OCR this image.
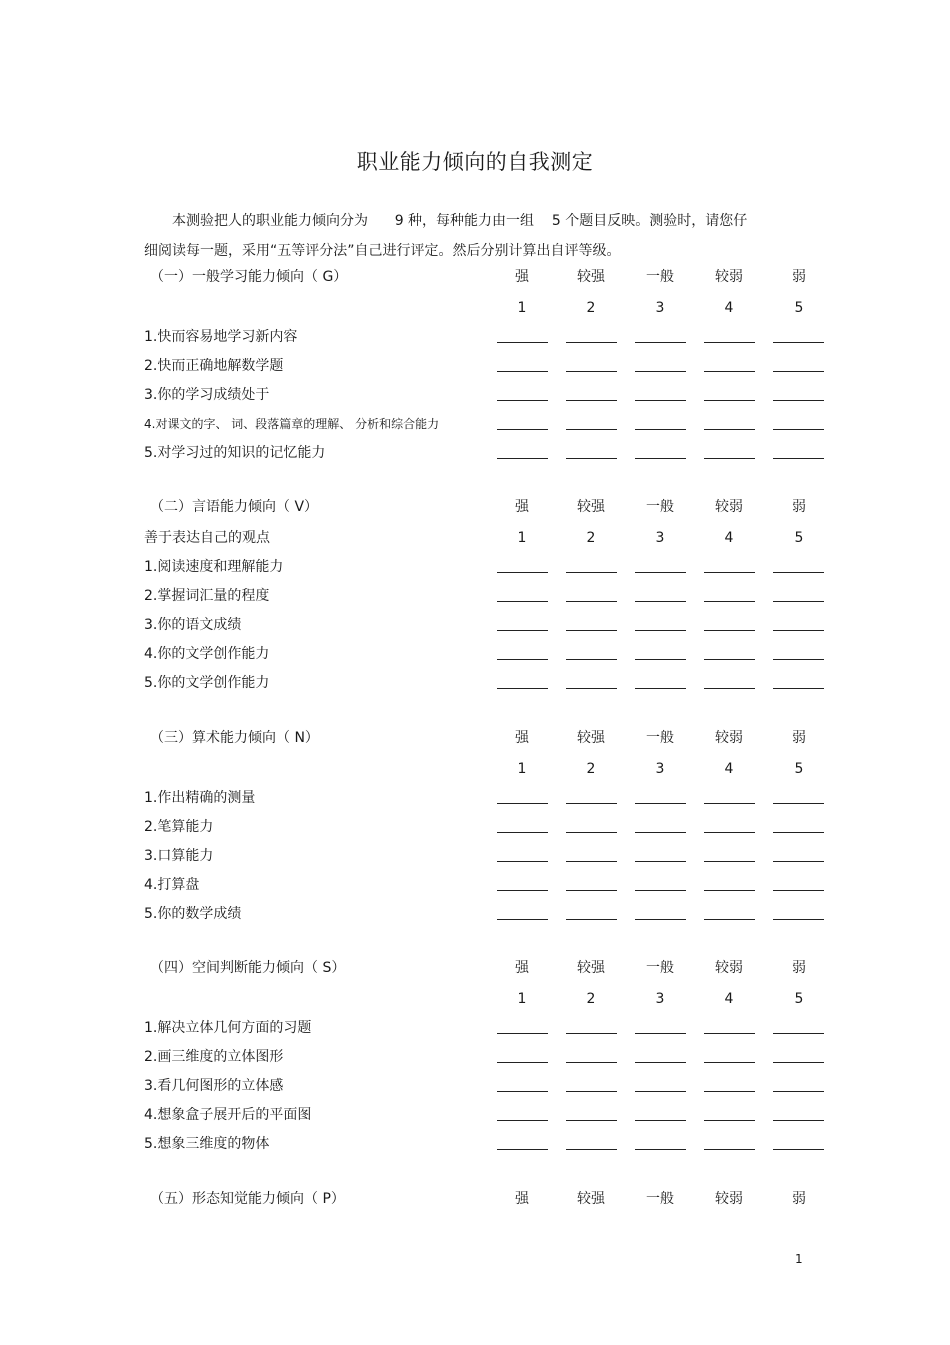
职业能力倾向的自我测定
本测验把人的职业能力倾向分为      9 种，每种能力由一组    5 个题目反映。测验时，请您仔
细阅读每一题，采用“五等评分法”自己进行评定。然后分别计算出自评等级。
（一）一般学习能力倾向（ G）	强	较强	一般	较弱	弱
1	2	3	4	5
1.快而容易地学习新内容
2.快而正确地解数学题
3.你的学习成绩处于
4.对课文的字、 词、段落篇章的理解、 分析和综合能力
5.对学习过的知识的记忆能力
（二）言语能力倾向（ V）	强	较强	一般	较弱	弱
善于表达自己的观点	1	2	3	4	5
1.阅读速度和理解能力
2.掌握词汇量的程度
3.你的语文成绩
4.你的文学创作能力
5.你的文学创作能力
（三）算术能力倾向（ N）	强	较强	一般	较弱	弱
1	2	3	4	5
1.作出精确的测量
2.笔算能力
3.口算能力
4.打算盘
5.你的数学成绩
（四）空间判断能力倾向（ S）	强	较强	一般	较弱	弱
1	2	3	4	5
1.解决立体几何方面的习题
2.画三维度的立体图形
3.看几何图形的立体感
4.想象盒子展开后的平面图
5.想象三维度的物体
（五）形态知觉能力倾向（ P）	强	较强	一般	较弱	弱
1
